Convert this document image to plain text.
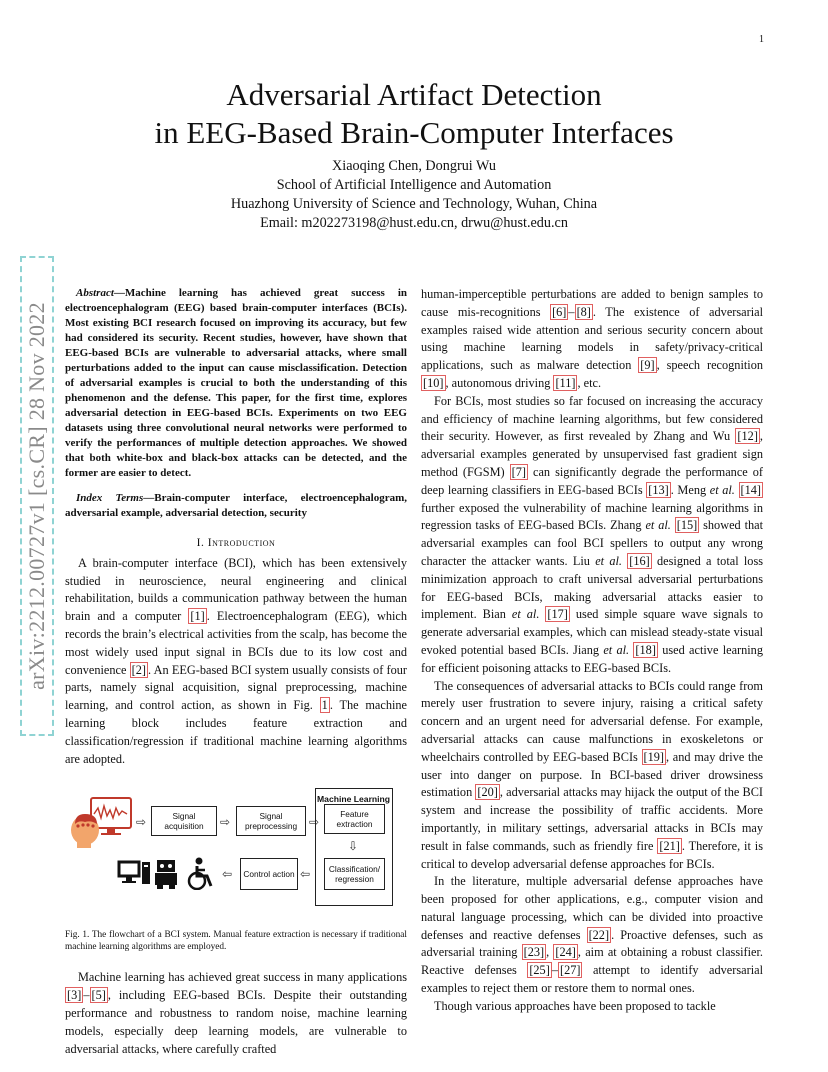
1
Adversarial Artifact Detection
in EEG-Based Brain-Computer Interfaces
Xiaoqing Chen, Dongrui Wu
School of Artificial Intelligence and Automation
Huazhong University of Science and Technology, Wuhan, China
Email: m202273198@hust.edu.cn, drwu@hust.edu.cn
arXiv:2212.00727v1 [cs.CR] 28 Nov 2022

Abstract—Machine learning has achieved great success in electroencephalogram (EEG) based brain-computer interfaces (BCIs). Most existing BCI research focused on improving its accuracy, but few had considered its security. Recent studies, however, have shown that EEG-based BCIs are vulnerable to adversarial attacks, where small perturbations added to the input can cause misclassification. Detection of adversarial examples is crucial to both the understanding of this phenomenon and the defense. This paper, for the first time, explores adversarial detection in EEG-based BCIs. Experiments on two EEG datasets using three convolutional neural networks were performed to verify the performances of multiple detection approaches. We showed that both white-box and black-box attacks can be detected, and the former are easier to detect.

Index Terms—Brain-computer interface, electroencephalogram, adversarial example, adversarial detection, security

I. Introduction

A brain-computer interface (BCI), which has been extensively studied in neuroscience, neural engineering and clinical rehabilitation, builds a communication pathway between the human brain and a computer [1] . Electroencephalogram (EEG), which records the brain’s electrical activities from the scalp, has become the most widely used input signal in BCIs due to its low cost and convenience [2] . An EEG-based BCI system usually consists of four parts, namely signal acquisition, signal preprocessing, machine learning, and control action, as shown in Fig. 1 . The machine learning block includes feature extraction and classification/regression if traditional machine learning algorithms are adopted.

⇨	Signal acquisition	⇨	Signal preprocessing ⇨
Machine Learning
Feature extraction
⇩
Classification/ regression
⇦
Control action
⇦

Fig. 1. The flowchart of a BCI system. Manual feature extraction is necessary if traditional machine learning algorithms are employed.

Machine learning has achieved great success in many applications [3] – [5] , including EEG-based BCIs. Despite their outstanding performance and robustness to random noise, machine learning models, especially deep learning models, are vulnerable to adversarial attacks, where carefully crafted

human-imperceptible perturbations are added to benign samples to cause mis-recognitions [6] – [8] . The existence of adversarial examples raised wide attention and serious security concern about using machine learning models in safety/privacy-critical applications, such as malware detection [9] , speech recognition [10] , autonomous driving [11] , etc.

For BCIs, most studies so far focused on increasing the accuracy and efficiency of machine learning algorithms, but few considered their security. However, as first revealed by Zhang and Wu [12] , adversarial examples generated by unsupervised fast gradient sign method (FGSM) [7] can significantly degrade the performance of deep learning classifiers in EEG-based BCIs [13] . Meng et al. [14] further exposed the vulnerability of machine learning algorithms in regression tasks of EEG-based BCIs. Zhang et al. [15] showed that adversarial examples can fool BCI spellers to output any wrong character the attacker wants. Liu et al. [16] designed a total loss minimization approach to craft universal adversarial perturbations for EEG-based BCIs, making adversarial attacks easier to implement. Bian et al. [17] used simple square wave signals to generate adversarial examples, which can mislead steady-state visual evoked potential based BCIs. Jiang et al. [18] used active learning for efficient poisoning attacks to EEG-based BCIs.

The consequences of adversarial attacks to BCIs could range from merely user frustration to severe injury, raising a critical safety concern and an urgent need for adversarial defense. For example, adversarial attacks can cause malfunctions in exoskeletons or wheelchairs controlled by EEG-based BCIs [19] , and may drive the user into danger on purpose. In BCI-based driver drowsiness estimation [20] , adversarial attacks may hijack the output of the BCI system and increase the possibility of traffic accidents. More importantly, in military settings, adversarial attacks in BCIs may result in false commands, such as friendly fire [21] . Therefore, it is critical to develop adversarial defense approaches for BCIs.

In the literature, multiple adversarial defense approaches have been proposed for other applications, e.g., computer vision and natural language processing, which can be divided into proactive defenses and reactive defenses [22] . Proactive defenses, such as adversarial training [23] , [24] , aim at obtaining a robust classifier. Reactive defenses [25] – [27] attempt to identify adversarial examples to reject them or restore them to normal ones.

Though various approaches have been proposed to tackle
